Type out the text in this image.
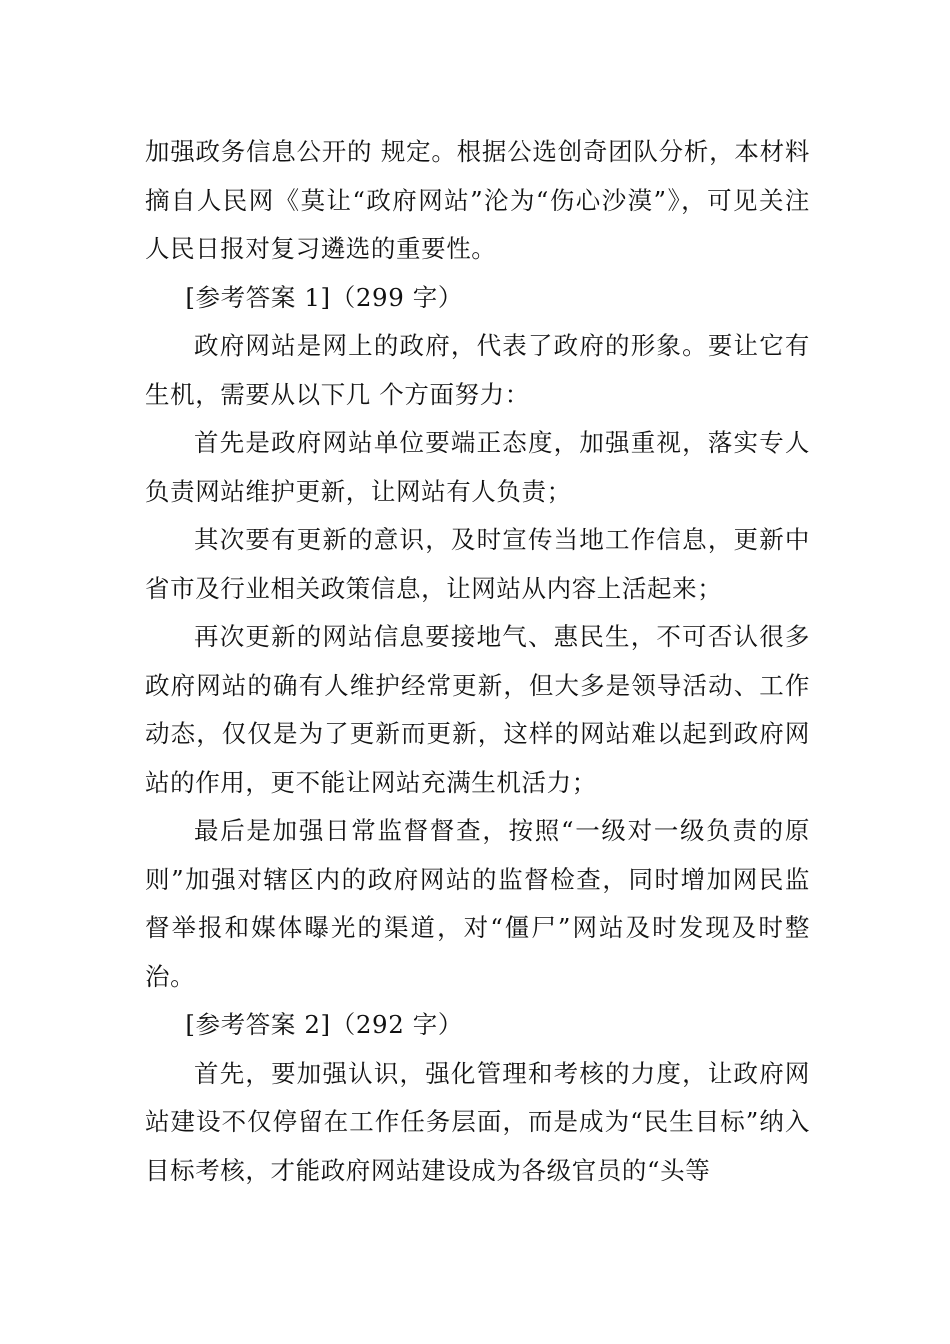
加强政务信息公开的 规定。根据公选创奇团队分析，本材料摘自人民网《莫让“政府网站”沦为“伤心沙漠”》，可见关注人民日报对复习遴选的重要性。

[参考答案 1]（299 字）

政府网站是网上的政府，代表了政府的形象。要让它有生机，需要从以下几 个方面努力：

首先是政府网站单位要端正态度，加强重视，落实专人负责网站维护更新，让网站有人负责；

其次要有更新的意识，及时宣传当地工作信息，更新中省市及行业相关政策信息，让网站从内容上活起来；

再次更新的网站信息要接地气、惠民生，不可否认很多政府网站的确有人维护经常更新，但大多是领导活动、工作动态，仅仅是为了更新而更新，这样的网站难以起到政府网站的作用，更不能让网站充满生机活力；

最后是加强日常监督督查，按照“一级对一级负责的原则”加强对辖区内的政府网站的监督检查，同时增加网民监督举报和媒体曝光的渠道，对“僵尸”网站及时发现及时整治。

[参考答案 2]（292 字）

首先，要加强认识，强化管理和考核的力度，让政府网站建设不仅停留在工作任务层面，而是成为“民生目标”纳入目标考核，才能政府网站建设成为各级官员的“头等
